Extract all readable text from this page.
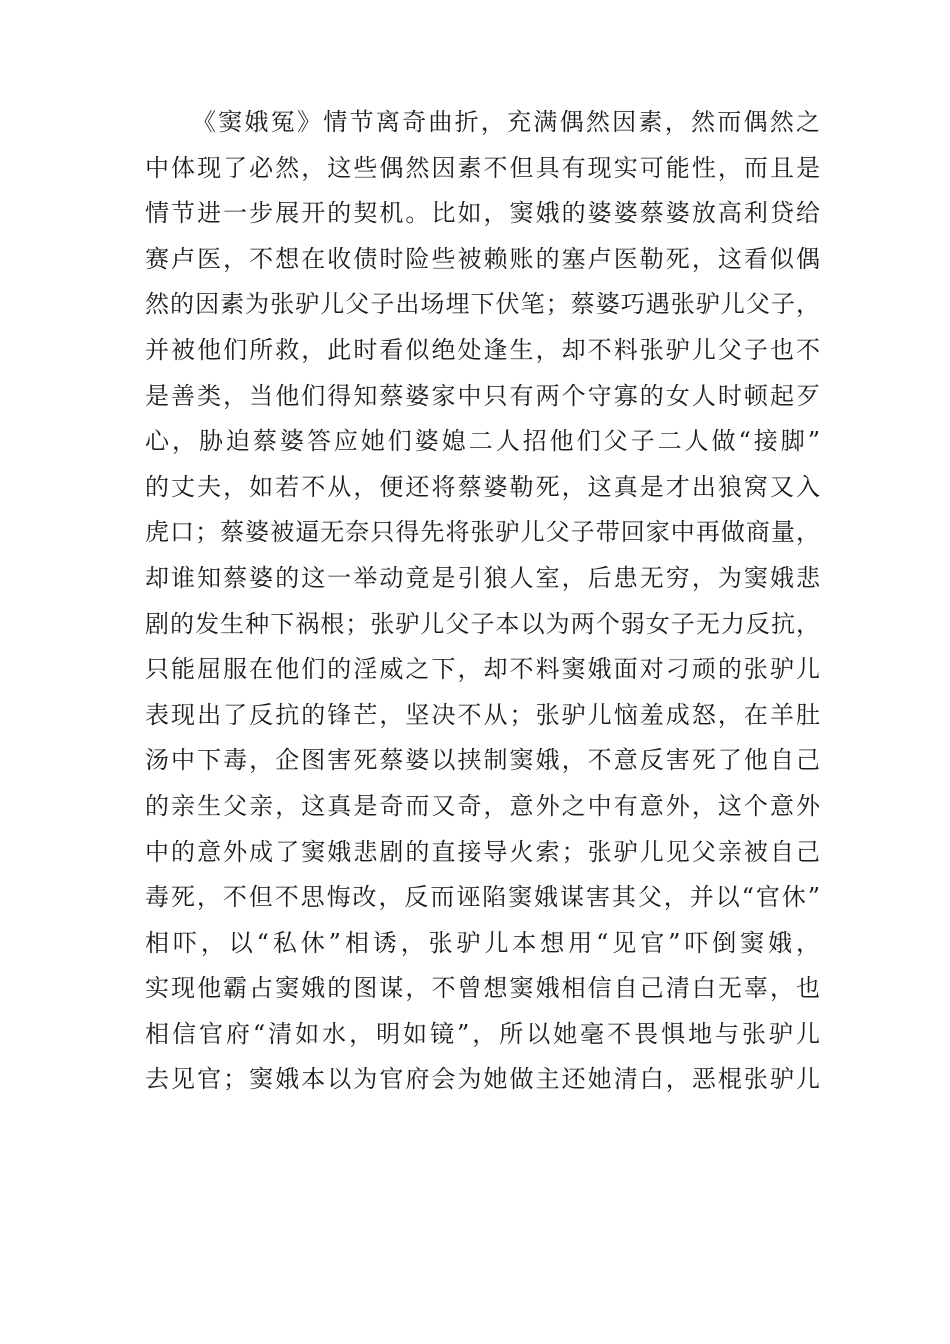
《窦娥冤》情节离奇曲折，充满偶然因素，然而偶然之
中体现了必然，这些偶然因素不但具有现实可能性，而且是
情节进一步展开的契机。比如，窦娥的婆婆蔡婆放高利贷给
赛卢医，不想在收债时险些被赖账的塞卢医勒死，这看似偶
然的因素为张驴儿父子出场埋下伏笔；蔡婆巧遇张驴儿父子，
并被他们所救，此时看似绝处逢生，却不料张驴儿父子也不
是善类，当他们得知蔡婆家中只有两个守寡的女人时顿起歹
心，胁迫蔡婆答应她们婆媳二人招他们父子二人做“接脚”
的丈夫，如若不从，便还将蔡婆勒死，这真是才出狼窝又入
虎口；蔡婆被逼无奈只得先将张驴儿父子带回家中再做商量，
却谁知蔡婆的这一举动竟是引狼人室，后患无穷，为窦娥悲
剧的发生种下祸根；张驴儿父子本以为两个弱女子无力反抗，
只能屈服在他们的淫威之下，却不料窦娥面对刁顽的张驴儿
表现出了反抗的锋芒，坚决不从；张驴儿恼羞成怒，在羊肚
汤中下毒，企图害死蔡婆以挟制窦娥，不意反害死了他自己
的亲生父亲，这真是奇而又奇，意外之中有意外，这个意外
中的意外成了窦娥悲剧的直接导火索；张驴儿见父亲被自己
毒死，不但不思悔改，反而诬陷窦娥谋害其父，并以“官休”
相吓，以“私休”相诱，张驴儿本想用“见官”吓倒窦娥，
实现他霸占窦娥的图谋，不曾想窦娥相信自己清白无辜，也
相信官府“清如水，明如镜”，所以她毫不畏惧地与张驴儿
去见官；窦娥本以为官府会为她做主还她清白，恶棍张驴儿
